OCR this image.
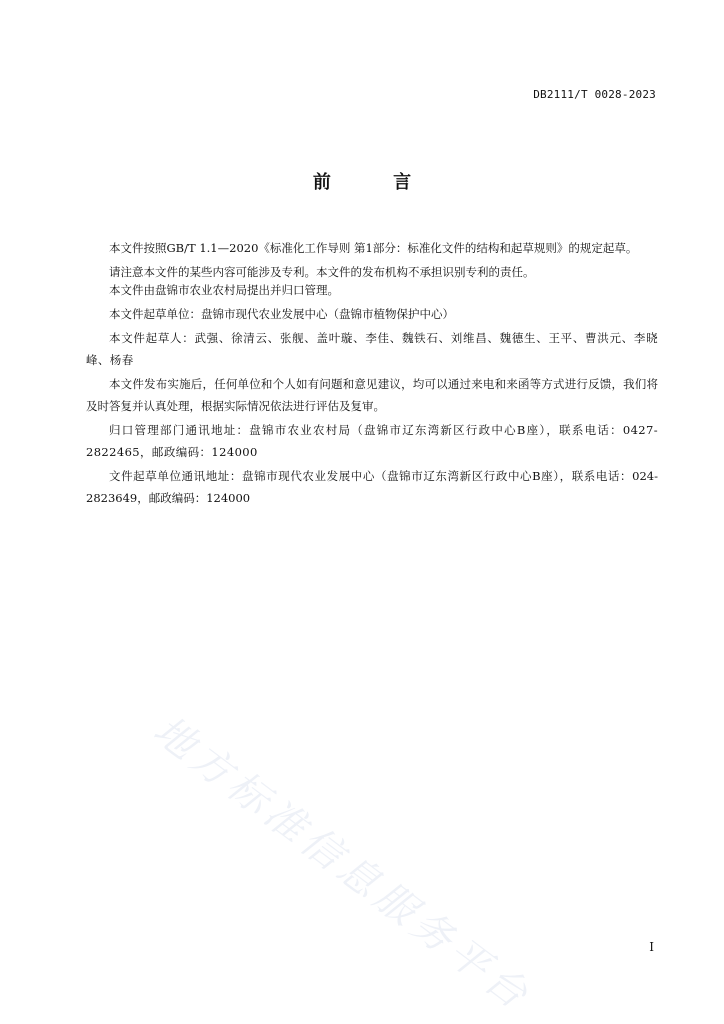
DB2111/T 0028-2023
前 言

本文件按照GB/T 1.1—2020《标准化工作导则 第1部分：标准化文件的结构和起草规则》的规定起草。

请注意本文件的某些内容可能涉及专利。本文件的发布机构不承担识别专利的责任。

本文件由盘锦市农业农村局提出并归口管理。

本文件起草单位：盘锦市现代农业发展中心（盘锦市植物保护中心）

本文件起草人：武强、徐清云、张舰、盖叶璇、李佳、魏铁石、刘维昌、魏德生、王平、曹洪元、李晓峰、杨春

本文件发布实施后，任何单位和个人如有问题和意见建议，均可以通过来电和来函等方式进行反馈，我们将及时答复并认真处理，根据实际情况依法进行评估及复审。

归口管理部门通讯地址：盘锦市农业农村局（盘锦市辽东湾新区行政中心B座），联系电话：0427-2822465，邮政编码：124000

文件起草单位通讯地址：盘锦市现代农业发展中心（盘锦市辽东湾新区行政中心B座），联系电话：024-2823649，邮政编码：124000

地方标准信息服务平台	I
